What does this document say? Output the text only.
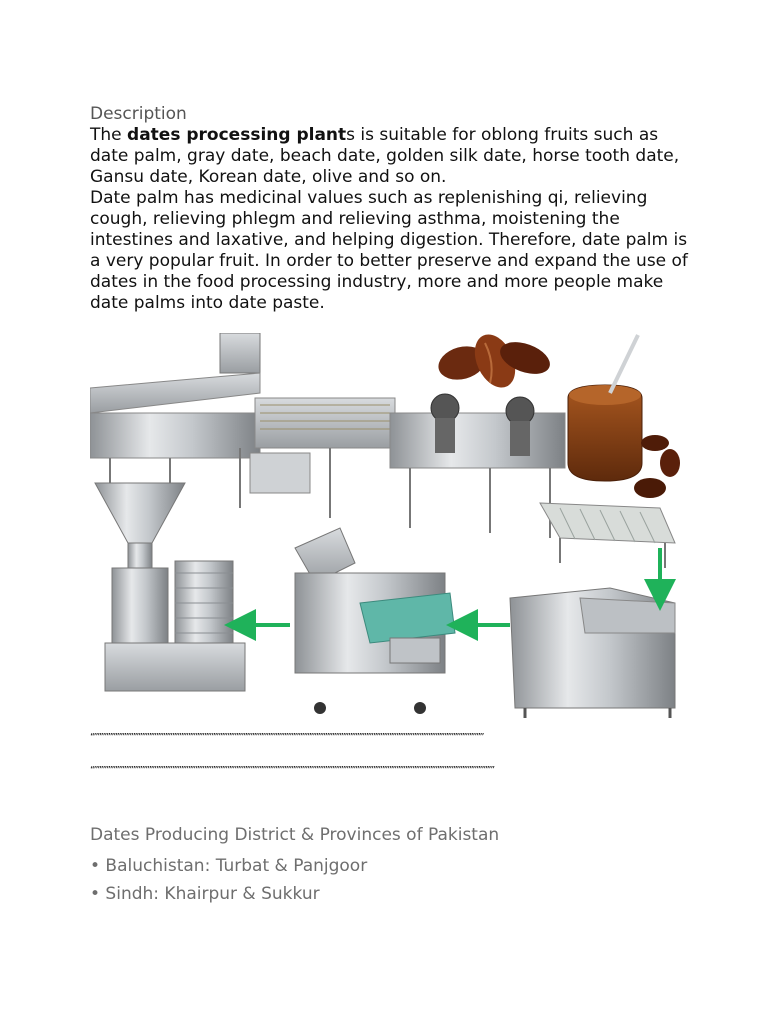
Description

The dates processing plants is suitable for oblong fruits such as date palm, gray date, beach date, golden silk date, horse tooth date, Gansu date, Korean date, olive and so on.

Date palm has medicinal values such as replenishing qi, relieving cough, relieving phlegm and relieving asthma, moistening the intestines and laxative, and helping digestion. Therefore, date palm is a very popular fruit. In order to better preserve and expand the use of dates in the food processing industry, more and more people make date palms into date paste.

‘‘’’’’’’’’’’’’’’’’’’’’’’’’’’’’’’’’’’’’’’’’’’’’’’’’’’’’’’’’’’’’’’’’’’’’’’’’’’’’’’’’’’’’’’’’’’’’’’’’’’’’’’’’’’’’’’’’’’’’’’’’’’’’’’’’’’’’’’’’’’’’’’’’’’’’’’’’’’’’’’’’’’’’’’’’’’’’’’’’’’’’’’’’’’’’’’’’’’’’’’’’’’’’’’’’’’’’’’’’’’’
‘‘’’’’’’’’’’’’’’’’’’’’’’’’’’’’’’’’’’’’’’’’’’’’’’’’’’’’’’’’’’’’’’’’’’’’’’’’’’’’’’’’’’’’’’’’’’’’’’’’’’’’’’’’’’’’’’’’’’’’’’’’’’’’’’’’’’’’’’’’’’’’’’’’’’’’’’’’’’’’’’’’’’’’’’’’’’’’’’’’’’’’’’’’’’’’’’’’’’’’’’’’’’’’’’’’’’’’’’’’’’’’’’’’’
Dates Producing District & Provinces of Pakistan
• Baluchistan: Turbat & Panjgoor
• Sindh: Khairpur & Sukkur
